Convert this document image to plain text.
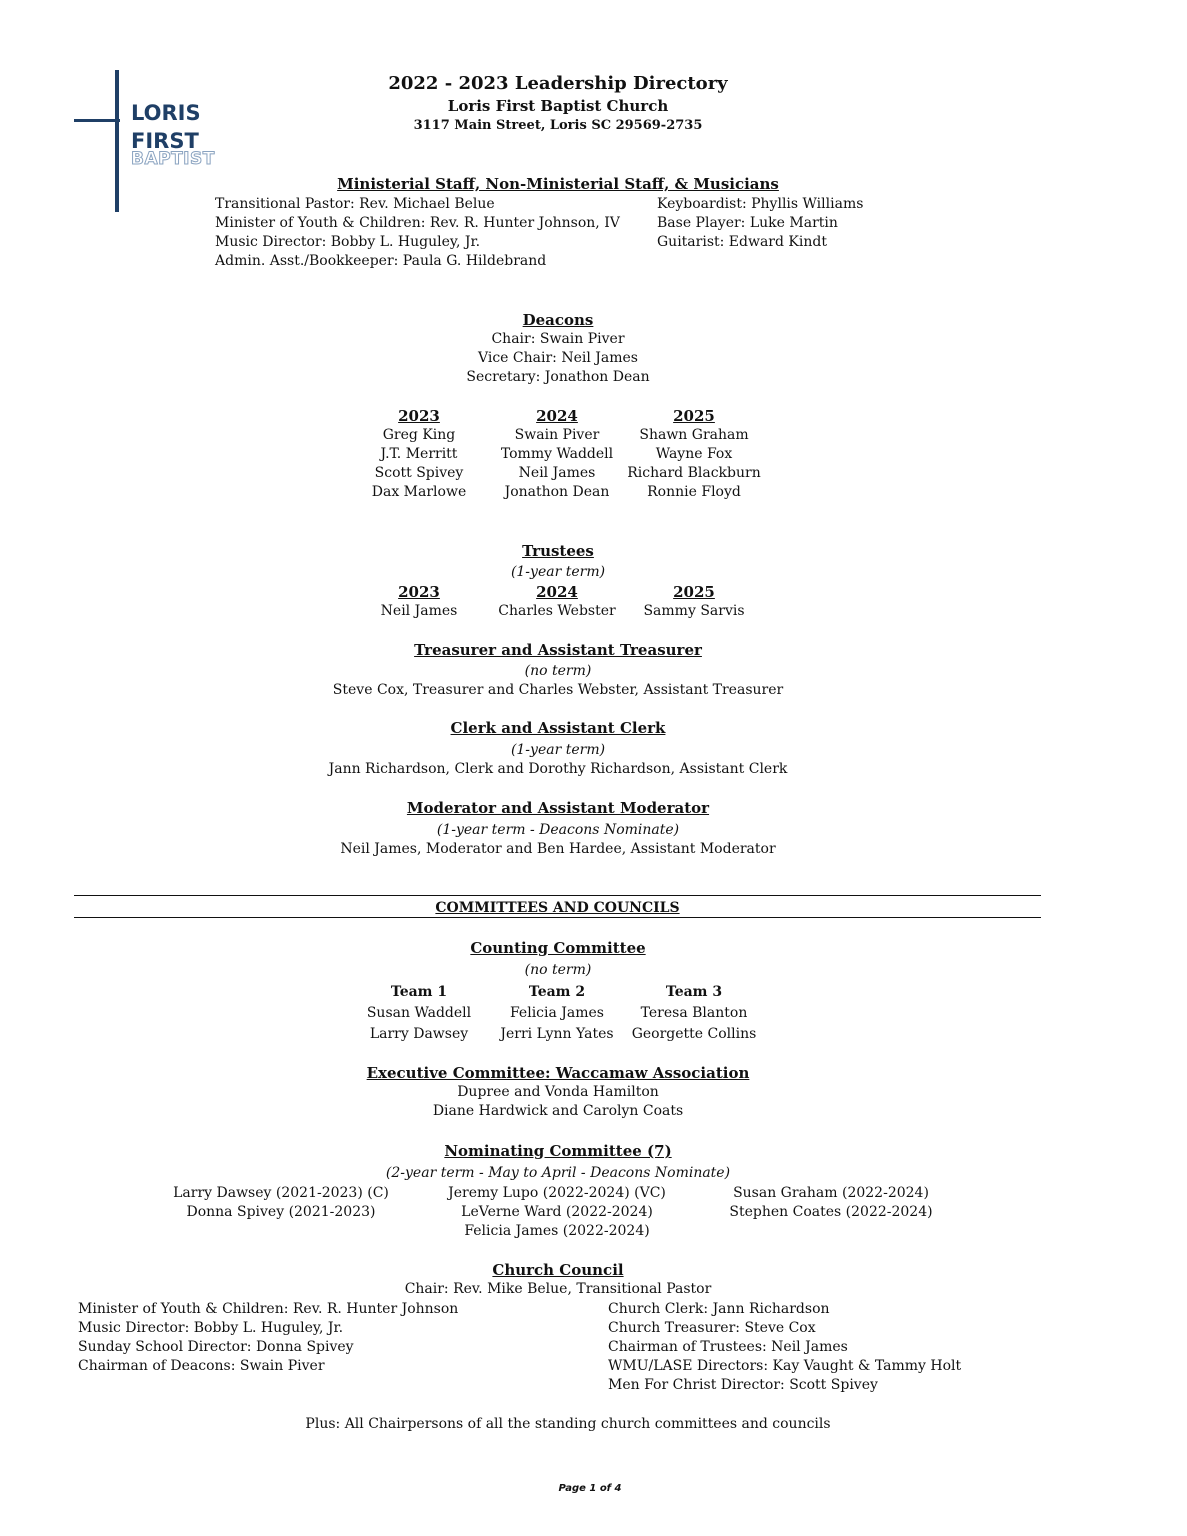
LORIS
FIRST
BAPTIST
2022 - 2023 Leadership Directory
Loris First Baptist Church
3117 Main Street, Loris SC 29569-2735
Ministerial Staff, Non-Ministerial Staff, & Musicians
Transitional Pastor: Rev. Michael Belue
Minister of Youth & Children: Rev. R. Hunter Johnson, IV
Music Director: Bobby L. Huguley, Jr.
Admin. Asst./Bookkeeper: Paula G. Hildebrand
Keyboardist: Phyllis Williams
Base Player: Luke Martin
Guitarist: Edward Kindt
Deacons
Chair: Swain Piver
Vice Chair: Neil James
Secretary: Jonathon Dean
2023
Greg King
J.T. Merritt
Scott Spivey
Dax Marlowe
2024
Swain Piver
Tommy Waddell
Neil James
Jonathon Dean
2025
Shawn Graham
Wayne Fox
Richard Blackburn
Ronnie Floyd
Trustees
(1-year term)
2023
Neil James
2024
Charles Webster
2025
Sammy Sarvis
Treasurer and Assistant Treasurer
(no term)
Steve Cox, Treasurer and Charles Webster, Assistant Treasurer
Clerk and Assistant Clerk
(1-year term)
Jann Richardson, Clerk and Dorothy Richardson, Assistant Clerk
Moderator and Assistant Moderator
(1-year term - Deacons Nominate)
Neil James, Moderator and Ben Hardee, Assistant Moderator
COMMITTEES AND COUNCILS
Counting Committee
(no term)
Team 1
Susan Waddell
Larry Dawsey
Team 2
Felicia James
Jerri Lynn Yates
Team 3
Teresa Blanton
Georgette Collins
Executive Committee: Waccamaw Association
Dupree and Vonda Hamilton
Diane Hardwick and Carolyn Coats
Nominating Committee (7)
(2-year term - May to April - Deacons Nominate)
Larry Dawsey (2021-2023) (C)
Donna Spivey (2021-2023)
Jeremy Lupo (2022-2024) (VC)
LeVerne Ward (2022-2024)
Felicia James (2022-2024)
Susan Graham (2022-2024)
Stephen Coates (2022-2024)
Church Council
Chair: Rev. Mike Belue, Transitional Pastor
Minister of Youth & Children: Rev. R. Hunter Johnson
Music Director: Bobby L. Huguley, Jr.
Sunday School Director: Donna Spivey
Chairman of Deacons: Swain Piver
Church Clerk: Jann Richardson
Church Treasurer: Steve Cox
Chairman of Trustees: Neil James
WMU/LASE Directors: Kay Vaught & Tammy Holt
Men For Christ Director: Scott Spivey
Plus: All Chairpersons of all the standing church committees and councils
Page 1 of 4
